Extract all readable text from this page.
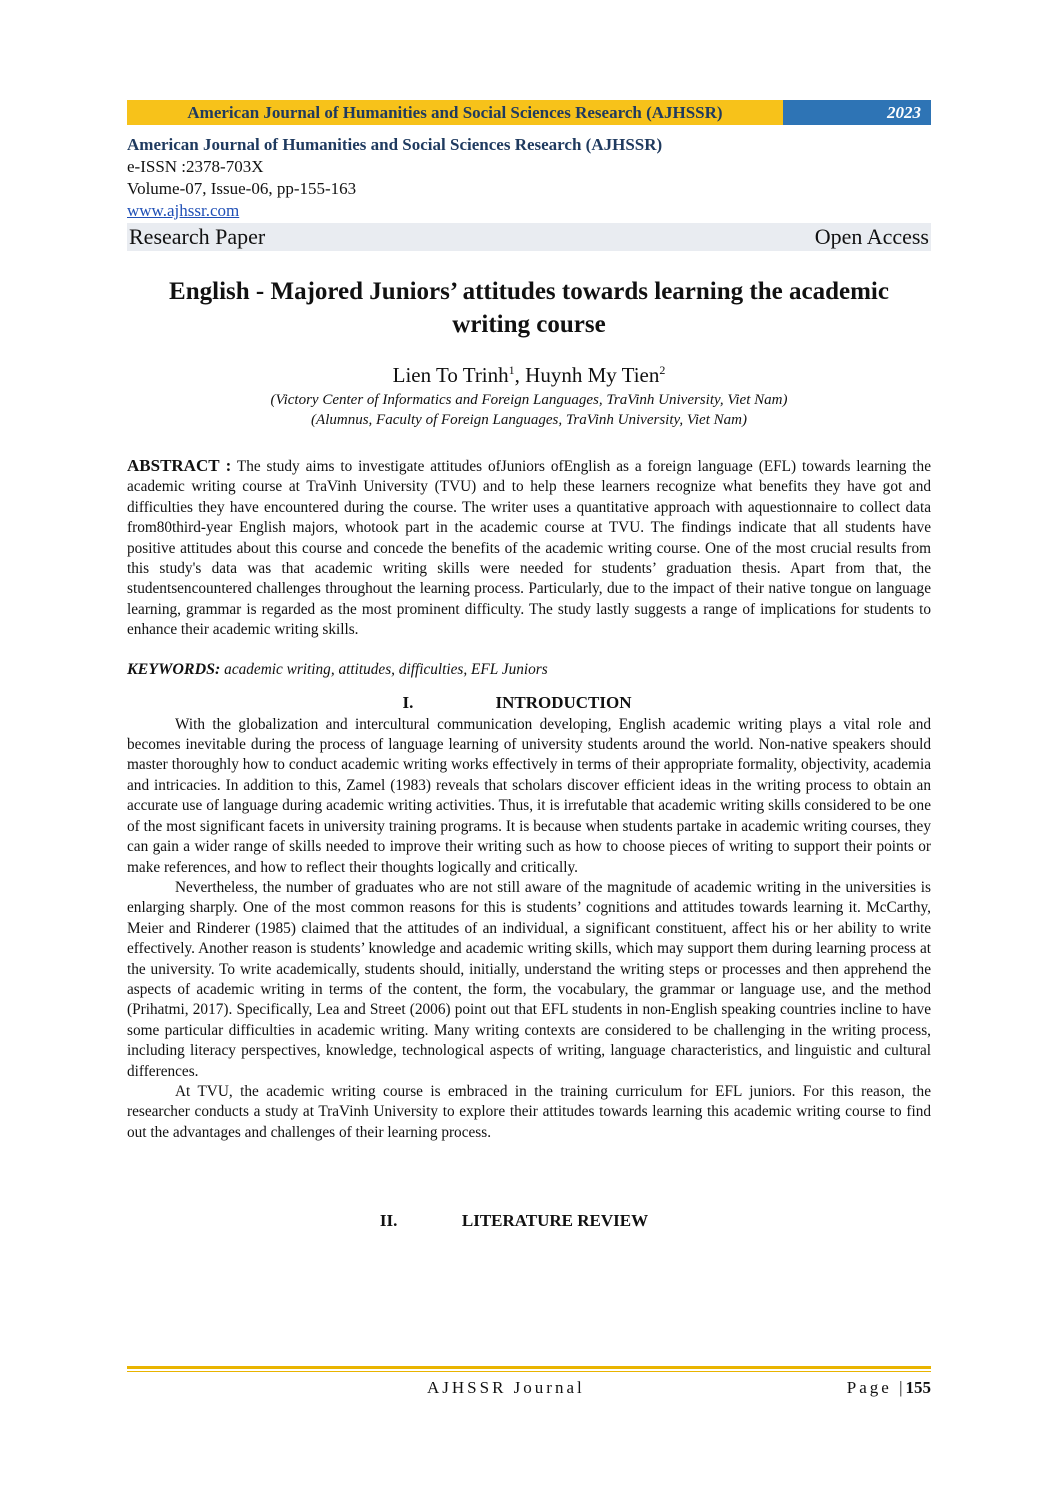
American Journal of Humanities and Social Sciences Research (AJHSSR)	2023
American Journal of Humanities and Social Sciences Research (AJHSSR)
e-ISSN :2378-703X
Volume-07, Issue-06, pp-155-163
www.ajhssr.com
Research Paper	Open Access
English - Majored Juniors’ attitudes towards learning the academic writing course
Lien To Trinh$^1$, Huynh My Tien$^2$
(Victory Center of Informatics and Foreign Languages, TraVinh University, Viet Nam)
(Alumnus, Faculty of Foreign Languages, TraVinh University, Viet Nam)
ABSTRACT : The study aims to investigate attitudes ofJuniors ofEnglish as a foreign language (EFL) towards learning the academic writing course at TraVinh University (TVU) and to help these learners recognize what benefits they have got and difficulties they have encountered during the course. The writer uses a quantitative approach with aquestionnaire to collect data from80third-year English majors, whotook part in the academic course at TVU. The findings indicate that all students have positive attitudes about this course and concede the benefits of the academic writing course. One of the most crucial results from this study's data was that academic writing skills were needed for students’ graduation thesis. Apart from that, the studentsencountered challenges throughout the learning process. Particularly, due to the impact of their native tongue on language learning, grammar is regarded as the most prominent difficulty. The study lastly suggests a range of implications for students to enhance their academic writing skills.
KEYWORDS: academic writing, attitudes, difficulties, EFL Juniors
I.	INTRODUCTION

With the globalization and intercultural communication developing, English academic writing plays a vital role and becomes inevitable during the process of language learning of university students around the world. Non-native speakers should master thoroughly how to conduct academic writing works effectively in terms of their appropriate formality, objectivity, academia and intricacies. In addition to this, Zamel (1983) reveals that scholars discover efficient ideas in the writing process to obtain an accurate use of language during academic writing activities. Thus, it is irrefutable that academic writing skills considered to be one of the most significant facets in university training programs. It is because when students partake in academic writing courses, they can gain a wider range of skills needed to improve their writing such as how to choose pieces of writing to support their points or make references, and how to reflect their thoughts logically and critically.

Nevertheless, the number of graduates who are not still aware of the magnitude of academic writing in the universities is enlarging sharply. One of the most common reasons for this is students’ cognitions and attitudes towards learning it. McCarthy, Meier and Rinderer (1985) claimed that the attitudes of an individual, a significant constituent, affect his or her ability to write effectively. Another reason is students’ knowledge and academic writing skills, which may support them during learning process at the university. To write academically, students should, initially, understand the writing steps or processes and then apprehend the aspects of academic writing in terms of the content, the form, the vocabulary, the grammar or language use, and the method (Prihatmi, 2017). Specifically, Lea and Street (2006) point out that EFL students in non-English speaking countries incline to have some particular difficulties in academic writing. Many writing contexts are considered to be challenging in the writing process, including literacy perspectives, knowledge, technological aspects of writing, language characteristics, and linguistic and cultural differences.

At TVU, the academic writing course is embraced in the training curriculum for EFL juniors. For this reason, the researcher conducts a study at TraVinh University to explore their attitudes towards learning this academic writing course to find out the advantages and challenges of their learning process.

II.	LITERATURE REVIEW
AJHSSR Journal	Page |155
